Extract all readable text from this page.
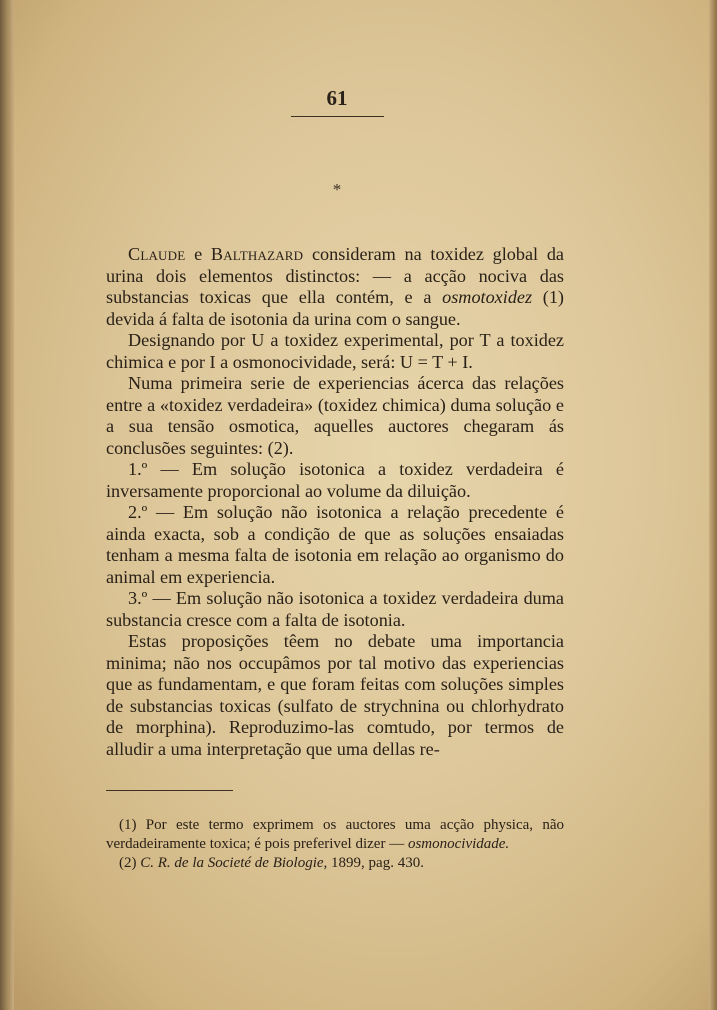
61
*

Claude e Balthazard consideram na toxidez global da urina dois elementos distinctos: — a acção nociva das substancias toxicas que ella contém, e a osmotoxidez (1) devida á falta de isotonia da urina com o sangue.

Designando por U a toxidez experimental, por T a toxidez chimica e por I a osmonocividade, será: U = T + I.

Numa primeira serie de experiencias ácerca das relações entre a «toxidez verdadeira» (toxidez chimica) duma solução e a sua tensão osmotica, aquelles auctores chegaram ás conclusões seguintes: (2).

1.º — Em solução isotonica a toxidez verdadeira é inversamente proporcional ao volume da diluição.

2.º — Em solução não isotonica a relação precedente é ainda exacta, sob a condição de que as soluções ensaiadas tenham a mesma falta de isotonia em relação ao organismo do animal em experiencia.

3.º — Em solução não isotonica a toxidez verdadeira duma substancia cresce com a falta de isotonia.

Estas proposições têem no debate uma importancia minima; não nos occupâmos por tal motivo das experiencias que as fundamentam, e que foram feitas com soluções simples de substancias toxicas (sulfato de strychnina ou chlorhydrato de morphina). Reproduzimo-las comtudo, por termos de alludir a uma interpretação que uma dellas re-

(1) Por este termo exprimem os auctores uma acção physica, não verdadeiramente toxica; é pois preferivel dizer — osmonocividade.

(2) C. R. de la Societé de Biologie, 1899, pag. 430.
